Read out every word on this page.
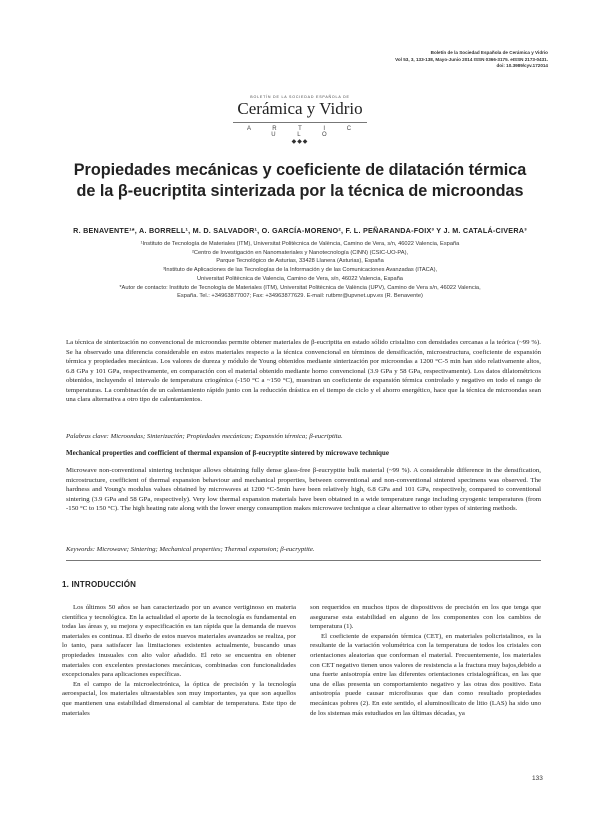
Boletín de la Sociedad Española de Cerámica y Vidrio
Vol 53, 3, 133-138, Mayo-Junio 2014 ISSN 0366-3175. eISSN 2173-0431.
doi: 10.3989/cyv.172014
BOLETÍN DE LA SOCIEDAD ESPAÑOLA DE
Cerámica y Vidrio
A R T I C U L O
◆◆◆
Propiedades mecánicas y coeficiente de dilatación térmica
de la β-eucriptita sinterizada por la técnica de microondas
R. BENAVENTE¹*, A. BORRELL¹, M. D. SALVADOR¹, O. GARCÍA-MORENO², F. L. PEÑARANDA-FOIX³ Y J. M. CATALÁ-CIVERA³
¹Instituto de Tecnología de Materiales (ITM), Universitat Politècnica de València, Camino de Vera, s/n, 46022 Valencia, España
²Centro de Investigación en Nanomateriales y Nanotecnología (CINN) (CSIC-UO-PA),
Parque Tecnológico de Asturias, 33428 Llanera (Asturias), España
³Instituto de Aplicaciones de las Tecnologías de la Información y de las Comunicaciones Avanzadas (ITACA),
Universitat Politècnica de Valencia, Camino de Vera, s/n, 46022 Valencia, España
*Autor de contacto: Instituto de Tecnología de Materiales (ITM), Universitat Politècnica de València (UPV), Camino de Vera s/n, 46022 Valencia,
España. Tel.: +34963877007; Fax: +34963877629. E-mail: rutbmr@upvnet.upv.es (R. Benavente)
La técnica de sinterización no convencional de microondas permite obtener materiales de β-eucriptita en estado sólido cristalino con densidades cercanas a la teórica (~99 %). Se ha observado una diferencia considerable en estos materiales respecto a la técnica convencional en términos de densificación, microestructura, coeficiente de expansión térmica y propiedades mecánicas. Los valores de dureza y módulo de Young obtenidos mediante sinterización por microondas a 1200 °C-5 min han sido relativamente altos, 6.8 GPa y 101 GPa, respectivamente, en comparación con el material obtenido mediante horno convencional (3.9 GPa y 58 GPa, respectivamente). Los datos dilatométricos obtenidos, incluyendo el intervalo de temperatura criogénica (-150 °C a ~150 °C), muestran un coeficiente de expansión térmica controlado y negativo en todo el rango de temperaturas. La combinación de un calentamiento rápido junto con la reducción drástica en el tiempo de ciclo y el ahorro energético, hace que la técnica de microondas sean una clara alternativa a otro tipo de calentamientos.
Palabras clave: Microondas; Sinterización; Propiedades mecánicas; Expansión térmica; β-eucriptita.
Mechanical properties and coefficient of thermal expansion of β-eucryptite sintered by microwave technique
Microwave non-conventional sintering technique allows obtaining fully dense glass-free β-eucryptite bulk material (~99 %). A considerable difference in the densification, microstructure, coefficient of thermal expansion behaviour and mechanical properties, between conventional and non-conventional sintered specimens was observed. The hardness and Young's modulus values obtained by microwaves at 1200 °C-5min have been relatively high, 6.8 GPa and 101 GPa, respectively, compared to conventional sintering (3.9 GPa and 58 GPa, respectively). Very low thermal expansion materials have been obtained in a wide temperature range including cryogenic temperatures (from -150 °C to 150 °C). The high heating rate along with the lower energy consumption makes microwave technique a clear alternative to other types of sintering methods.
Keywords: Microwave; Sintering; Mechanical properties; Thermal expansion; β-eucryptite.
1. INTRODUCCIÓN

Los últimos 50 años se han caracterizado por un avance vertiginoso en materia científica y tecnológica. En la actualidad el aporte de la tecnología es fundamental en todas las áreas y, su mejora y especificación es tan rápida que la demanda de nuevos materiales es continua. El diseño de estos nuevos materiales avanzados se realiza, por lo tanto, para satisfacer las limitaciones existentes actualmente, buscando unas propiedades inusuales con alto valor añadido. El reto se encuentra en obtener materiales con excelentes prestaciones mecánicas, combinadas con funcionalidades excepcionales para aplicaciones específicas.

En el campo de la microelectrónica, la óptica de precisión y la tecnología aeroespacial, los materiales ultraestables son muy importantes, ya que son aquellos que mantienen una estabilidad dimensional al cambiar de temperatura. Este tipo de materiales

son requeridos en muchos tipos de dispositivos de precisión en los que tenga que asegurarse esta estabilidad en alguno de los componentes con los cambios de temperatura (1).

El coeficiente de expansión térmica (CET), en materiales policristalinos, es la resultante de la variación volumétrica con la temperatura de todos los cristales con orientaciones aleatorias que conforman el material. Frecuentemente, los materiales con CET negativo tienen unos valores de resistencia a la fractura muy bajos,debido a una fuerte anisotropía entre las diferentes orientaciones cristalográficas, en las que una de ellas presenta un comportamiento negativo y las otras dos positivo. Esta anisotropía puede causar microfisuras que dan como resultado propiedades mecánicas pobres (2). En este sentido, el aluminosilicato de litio (LAS) ha sido uno de los sistemas más estudiados en las últimas décadas, ya

133
